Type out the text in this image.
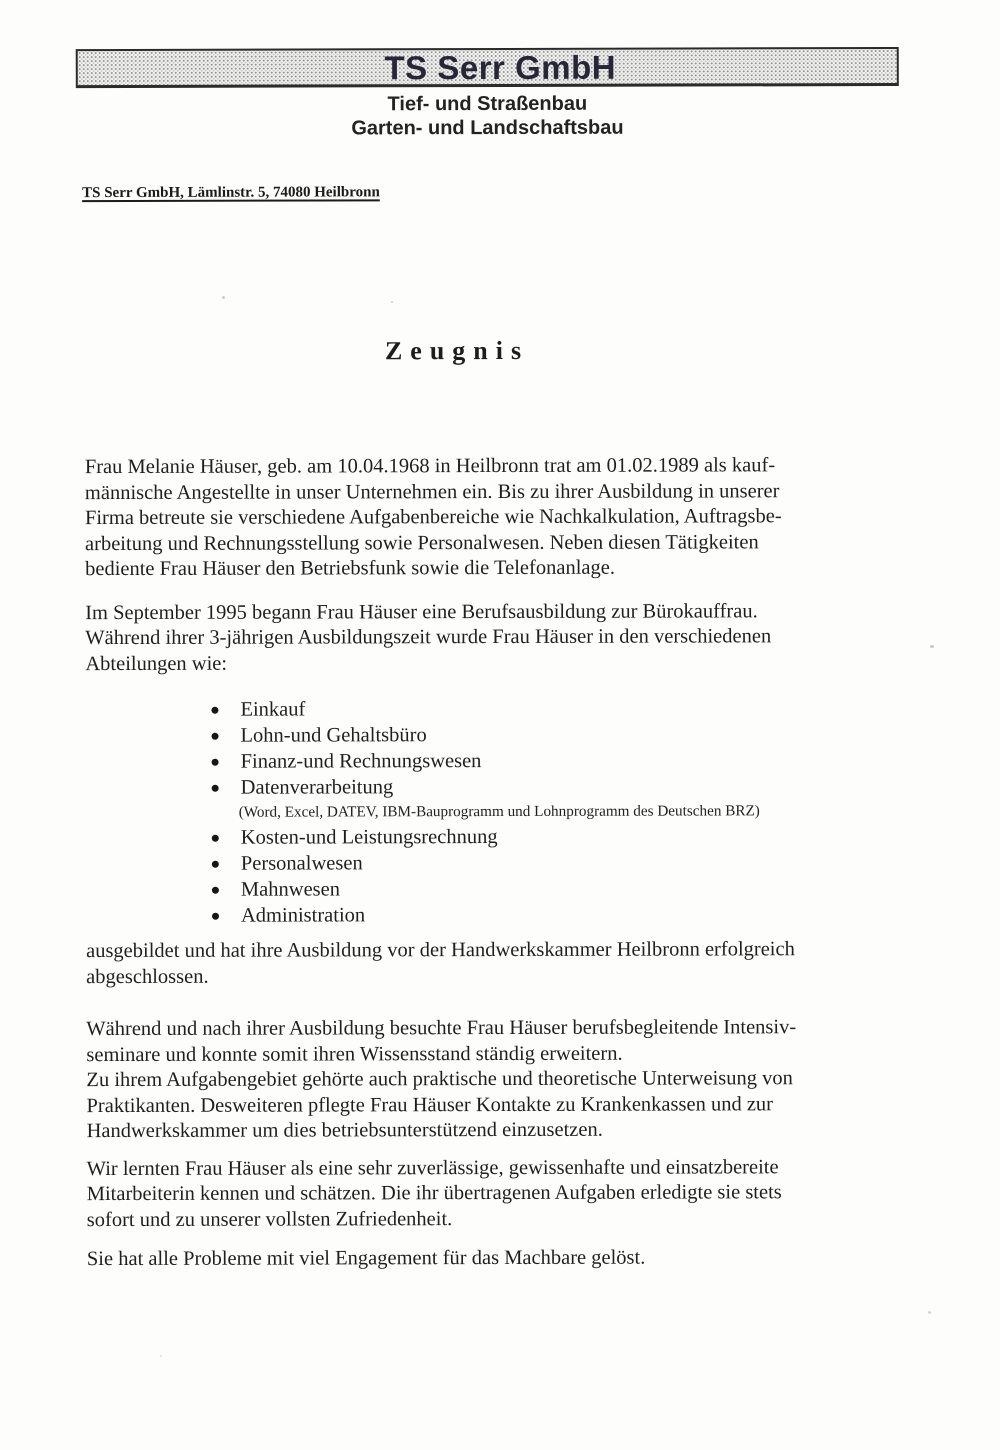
TS Serr GmbH
Tief- und Straßenbau
Garten- und Landschaftsbau
TS Serr GmbH, Lämlinstr. 5, 74080 Heilbronn
Zeugnis
Frau Melanie Häuser, geb. am 10.04.1968 in Heilbronn trat am 01.02.1989 als kauf-
männische Angestellte in unser Unternehmen ein. Bis zu ihrer Ausbildung in unserer
Firma betreute sie verschiedene Aufgabenbereiche wie Nachkalkulation, Auftragsbe-
arbeitung und Rechnungsstellung sowie Personalwesen. Neben diesen Tätigkeiten
bediente Frau Häuser den Betriebsfunk sowie die Telefonanlage.
Im September 1995 begann Frau Häuser eine Berufsausbildung zur Bürokauffrau.
Während ihrer 3-jährigen Ausbildungszeit wurde Frau Häuser in den verschiedenen
Abteilungen wie:
Einkauf
Lohn-und Gehaltsbüro
Finanz-und Rechnungswesen
Datenverarbeitung
(Word, Excel, DATEV, IBM-Bauprogramm und Lohnprogramm des Deutschen BRZ)
Kosten-und Leistungsrechnung
Personalwesen
Mahnwesen
Administration
ausgebildet und hat ihre Ausbildung vor der Handwerkskammer Heilbronn erfolgreich
abgeschlossen.
Während und nach ihrer Ausbildung besuchte Frau Häuser berufsbegleitende Intensiv-
seminare und konnte somit ihren Wissensstand ständig erweitern.
Zu ihrem Aufgabengebiet gehörte auch praktische und theoretische Unterweisung von
Praktikanten. Desweiteren pflegte Frau Häuser Kontakte zu Krankenkassen und zur
Handwerkskammer um dies betriebsunterstützend einzusetzen.
Wir lernten Frau Häuser als eine sehr zuverlässige, gewissenhafte und einsatzbereite
Mitarbeiterin kennen und schätzen. Die ihr übertragenen Aufgaben erledigte sie stets
sofort und zu unserer vollsten Zufriedenheit.
Sie hat alle Probleme mit viel Engagement für das Machbare gelöst.
